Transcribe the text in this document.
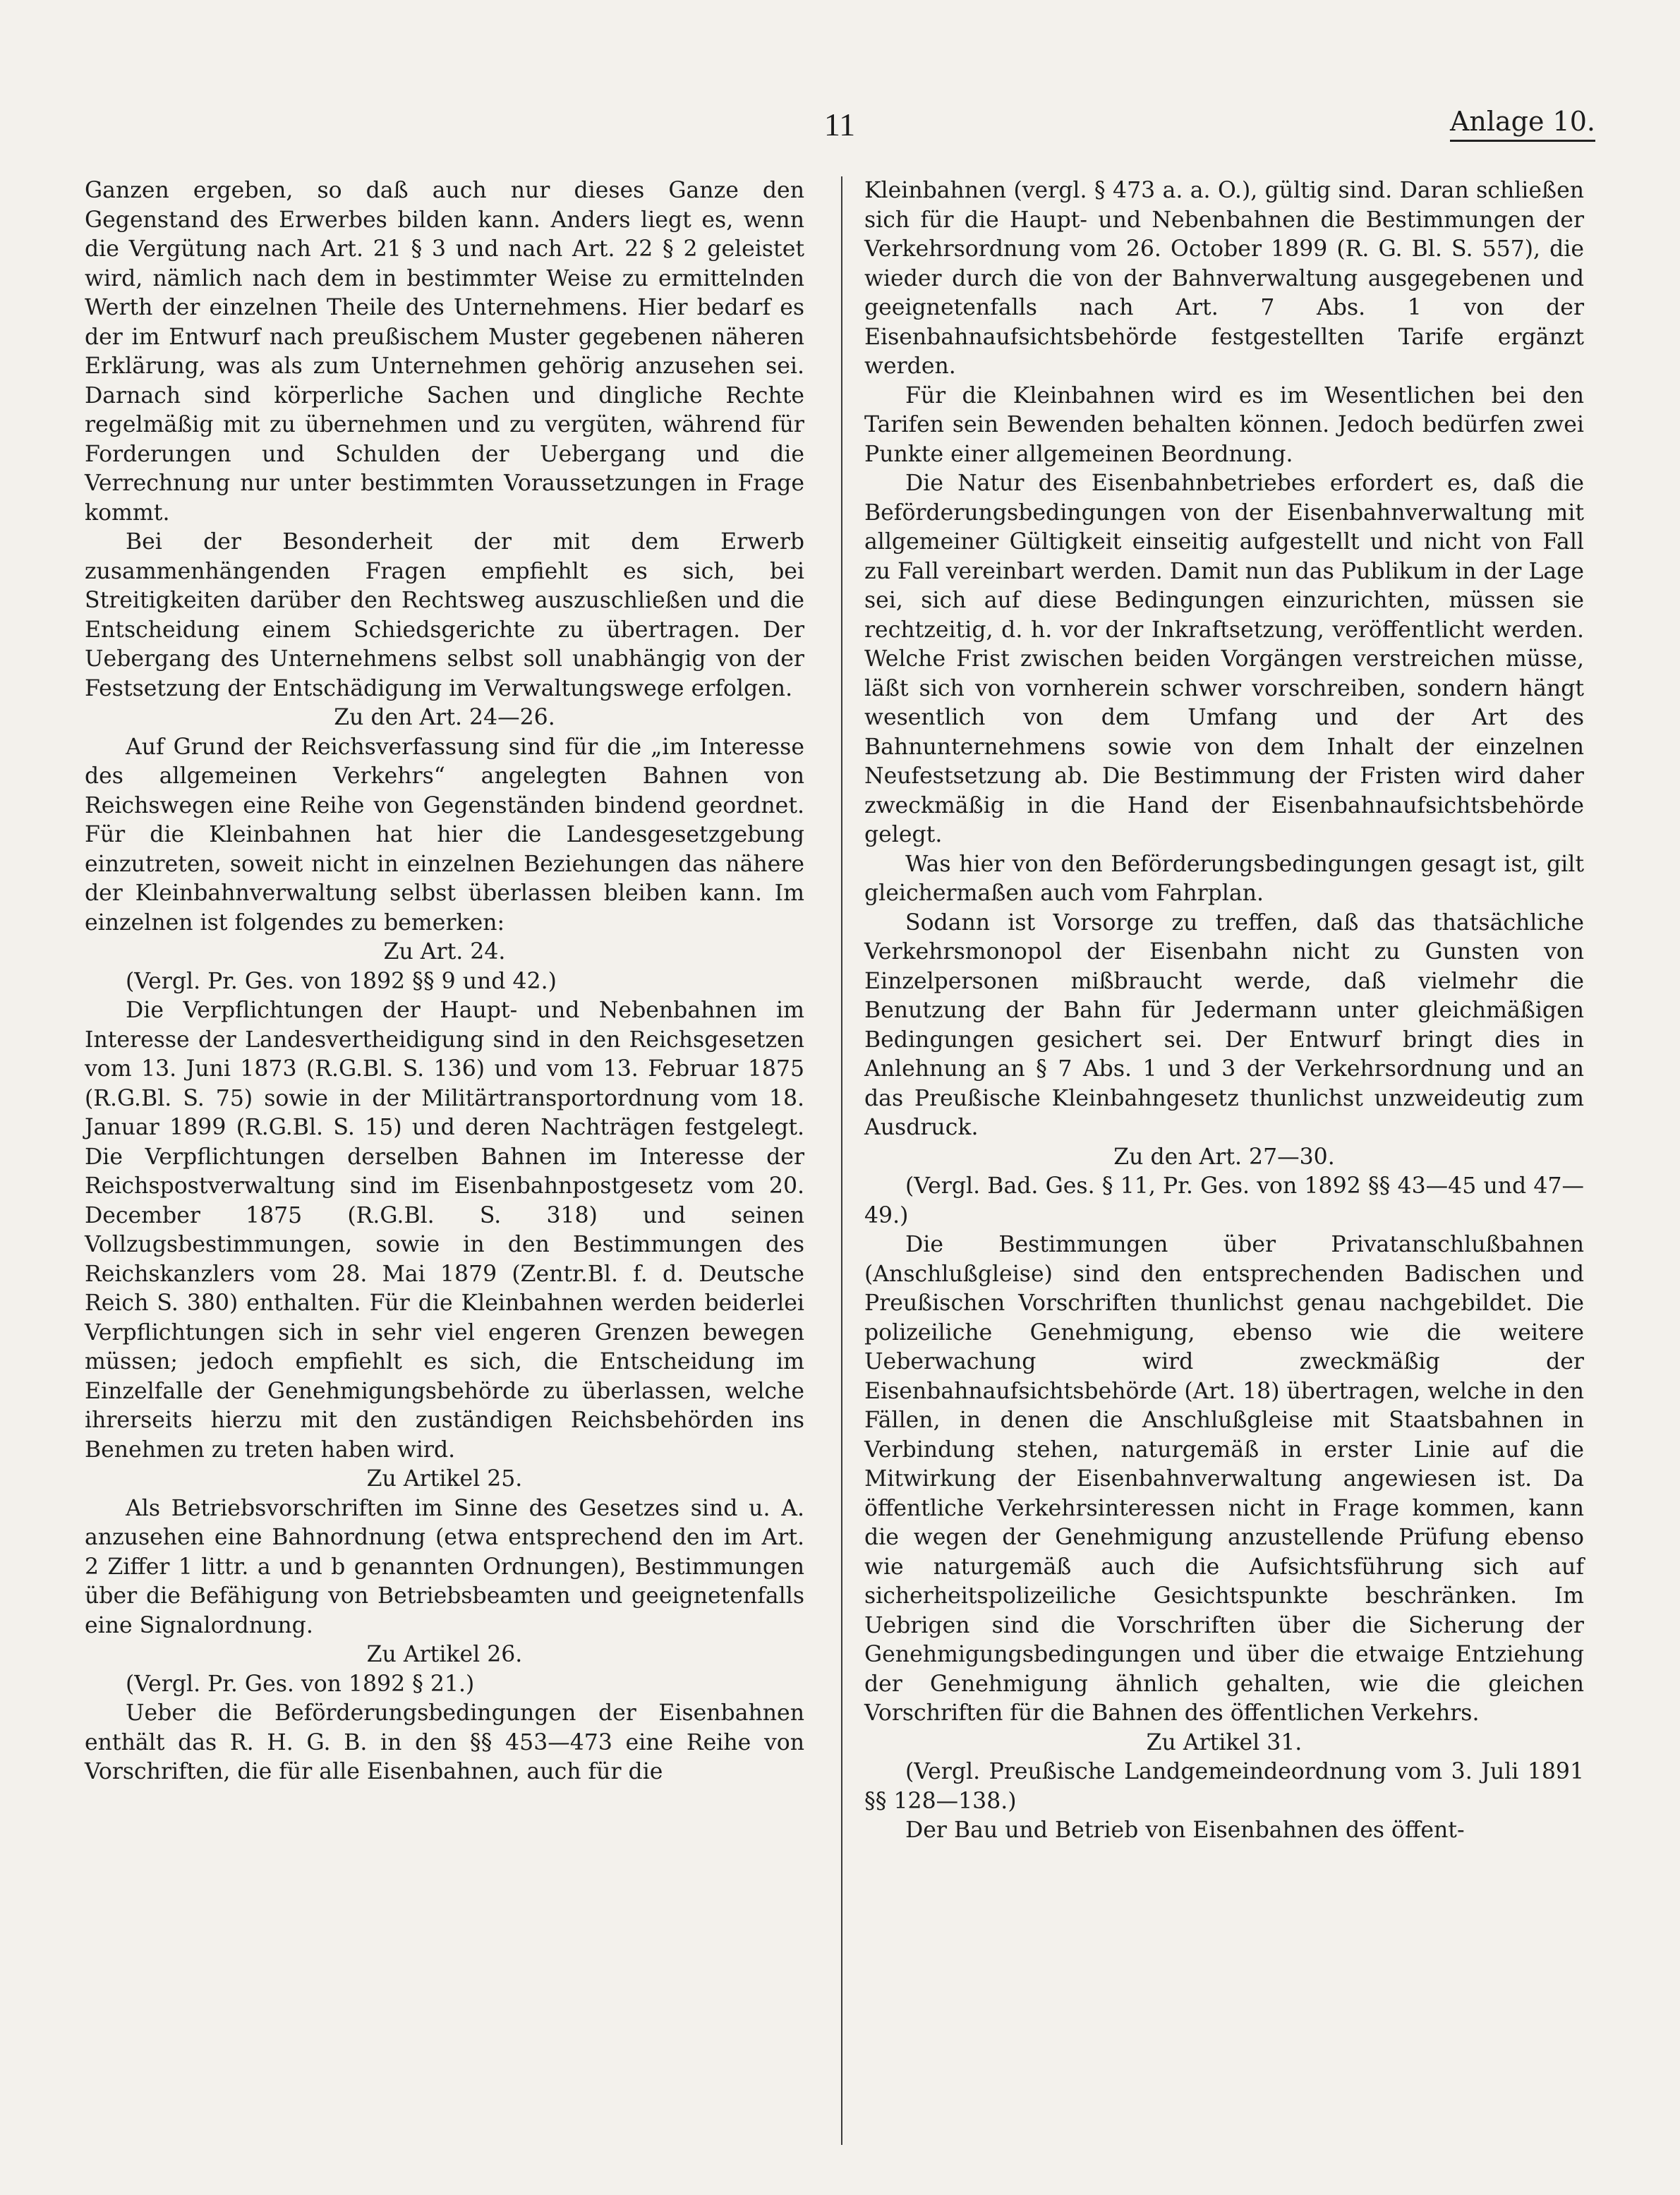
11	Anlage 10.

Ganzen ergeben, so daß auch nur dieses Ganze den Gegenstand des Erwerbes bilden kann. Anders liegt es, wenn die Vergütung nach Art. 21 § 3 und nach Art. 22 § 2 geleistet wird, nämlich nach dem in bestimmter Weise zu ermittelnden Werth der einzelnen Theile des Unternehmens. Hier bedarf es der im Entwurf nach preußischem Muster gegebenen näheren Erklärung, was als zum Unternehmen gehörig anzusehen sei. Darnach sind körperliche Sachen und dingliche Rechte regelmäßig mit zu übernehmen und zu vergüten, während für Forderungen und Schulden der Uebergang und die Verrechnung nur unter bestimmten Voraussetzungen in Frage kommt.

Bei der Besonderheit der mit dem Erwerb zusammenhängenden Fragen empfiehlt es sich, bei Streitigkeiten darüber den Rechtsweg auszuschließen und die Entscheidung einem Schiedsgerichte zu übertragen. Der Uebergang des Unternehmens selbst soll unabhängig von der Festsetzung der Entschädigung im Verwaltungswege erfolgen.

Zu den Art. 24—26.

Auf Grund der Reichsverfassung sind für die „im Interesse des allgemeinen Verkehrs“ angelegten Bahnen von Reichswegen eine Reihe von Gegenständen bindend geordnet. Für die Kleinbahnen hat hier die Landesgesetzgebung einzutreten, soweit nicht in einzelnen Beziehungen das nähere der Kleinbahnverwaltung selbst überlassen bleiben kann. Im einzelnen ist folgendes zu bemerken:

Zu Art. 24.

(Vergl. Pr. Ges. von 1892 §§ 9 und 42.)

Die Verpflichtungen der Haupt- und Nebenbahnen im Interesse der Landesvertheidigung sind in den Reichsgesetzen vom 13. Juni 1873 (R.G.Bl. S. 136) und vom 13. Februar 1875 (R.G.Bl. S. 75) sowie in der Militärtransportordnung vom 18. Januar 1899 (R.G.Bl. S. 15) und deren Nachträgen festgelegt. Die Verpflichtungen derselben Bahnen im Interesse der Reichspostverwaltung sind im Eisenbahnpostgesetz vom 20. December 1875 (R.G.Bl. S. 318) und seinen Vollzugsbestimmungen, sowie in den Bestimmungen des Reichskanzlers vom 28. Mai 1879 (Zentr.Bl. f. d. Deutsche Reich S. 380) enthalten. Für die Kleinbahnen werden beiderlei Verpflichtungen sich in sehr viel engeren Grenzen bewegen müssen; jedoch empfiehlt es sich, die Entscheidung im Einzelfalle der Genehmigungsbehörde zu überlassen, welche ihrerseits hierzu mit den zuständigen Reichsbehörden ins Benehmen zu treten haben wird.

Zu Artikel 25.

Als Betriebsvorschriften im Sinne des Gesetzes sind u. A. anzusehen eine Bahnordnung (etwa entsprechend den im Art. 2 Ziffer 1 littr. a und b genannten Ordnungen), Bestimmungen über die Befähigung von Betriebsbeamten und geeignetenfalls eine Signalordnung.

Zu Artikel 26.

(Vergl. Pr. Ges. von 1892 § 21.)

Ueber die Beförderungsbedingungen der Eisenbahnen enthält das R. H. G. B. in den §§ 453—473 eine Reihe von Vorschriften, die für alle Eisenbahnen, auch für die

Kleinbahnen (vergl. § 473 a. a. O.), gültig sind. Daran schließen sich für die Haupt- und Nebenbahnen die Bestimmungen der Verkehrsordnung vom 26. October 1899 (R. G. Bl. S. 557), die wieder durch die von der Bahnverwaltung ausgegebenen und geeignetenfalls nach Art. 7 Abs. 1 von der Eisenbahnaufsichtsbehörde festgestellten Tarife ergänzt werden.

Für die Kleinbahnen wird es im Wesentlichen bei den Tarifen sein Bewenden behalten können. Jedoch bedürfen zwei Punkte einer allgemeinen Beordnung.

Die Natur des Eisenbahnbetriebes erfordert es, daß die Beförderungsbedingungen von der Eisenbahnverwaltung mit allgemeiner Gültigkeit einseitig aufgestellt und nicht von Fall zu Fall vereinbart werden. Damit nun das Publikum in der Lage sei, sich auf diese Bedingungen einzurichten, müssen sie rechtzeitig, d. h. vor der Inkraftsetzung, veröffentlicht werden. Welche Frist zwischen beiden Vorgängen verstreichen müsse, läßt sich von vornherein schwer vorschreiben, sondern hängt wesentlich von dem Umfang und der Art des Bahnunternehmens sowie von dem Inhalt der einzelnen Neufestsetzung ab. Die Bestimmung der Fristen wird daher zweckmäßig in die Hand der Eisenbahnaufsichtsbehörde gelegt.

Was hier von den Beförderungsbedingungen gesagt ist, gilt gleichermaßen auch vom Fahrplan.

Sodann ist Vorsorge zu treffen, daß das thatsächliche Verkehrsmonopol der Eisenbahn nicht zu Gunsten von Einzelpersonen mißbraucht werde, daß vielmehr die Benutzung der Bahn für Jedermann unter gleichmäßigen Bedingungen gesichert sei. Der Entwurf bringt dies in Anlehnung an § 7 Abs. 1 und 3 der Verkehrsordnung und an das Preußische Kleinbahngesetz thunlichst unzweideutig zum Ausdruck.

Zu den Art. 27—30.

(Vergl. Bad. Ges. § 11, Pr. Ges. von 1892 §§ 43—45 und 47—49.)

Die Bestimmungen über Privatanschlußbahnen (Anschlußgleise) sind den entsprechenden Badischen und Preußischen Vorschriften thunlichst genau nachgebildet. Die polizeiliche Genehmigung, ebenso wie die weitere Ueberwachung wird zweckmäßig der Eisenbahnaufsichtsbehörde (Art. 18) übertragen, welche in den Fällen, in denen die Anschlußgleise mit Staatsbahnen in Verbindung stehen, naturgemäß in erster Linie auf die Mitwirkung der Eisenbahnverwaltung angewiesen ist. Da öffentliche Verkehrsinteressen nicht in Frage kommen, kann die wegen der Genehmigung anzustellende Prüfung ebenso wie naturgemäß auch die Aufsichtsführung sich auf sicherheitspolizeiliche Gesichtspunkte beschränken. Im Uebrigen sind die Vorschriften über die Sicherung der Genehmigungsbedingungen und über die etwaige Entziehung der Genehmigung ähnlich gehalten, wie die gleichen Vorschriften für die Bahnen des öffentlichen Verkehrs.

Zu Artikel 31.

(Vergl. Preußische Landgemeindeordnung vom 3. Juli 1891 §§ 128—138.)

Der Bau und Betrieb von Eisenbahnen des öffent-
